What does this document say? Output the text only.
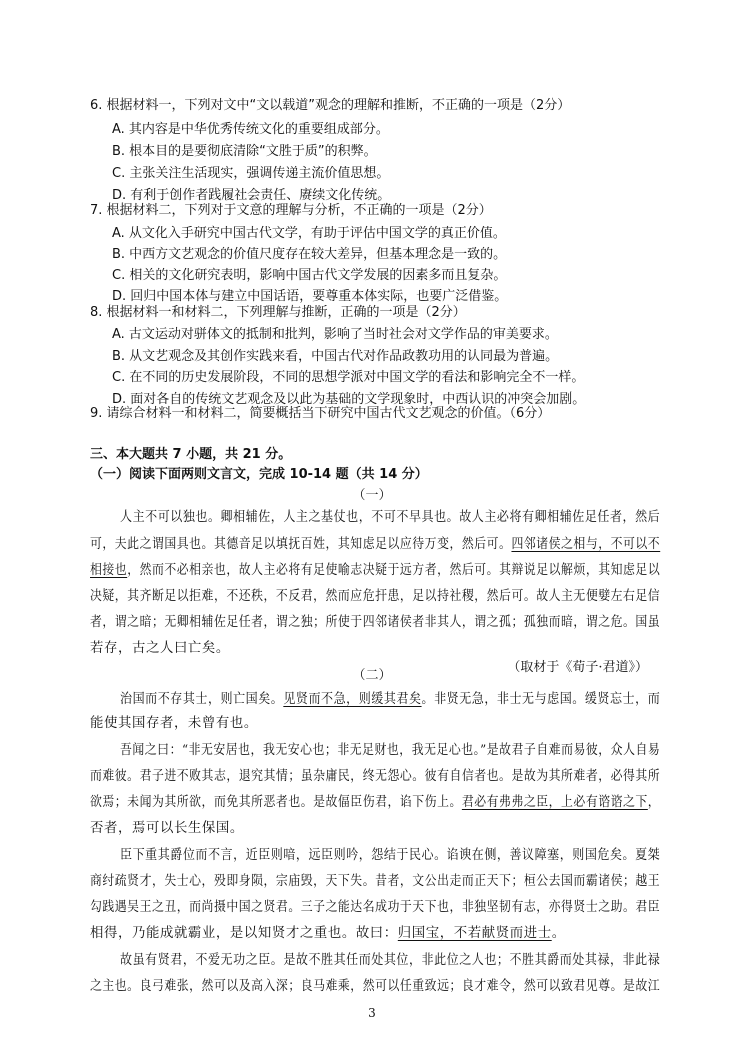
6. 根据材料一，下列对文中“文以载道”观念的理解和推断，不正确的一项是（2分）
A. 其内容是中华优秀传统文化的重要组成部分。
B. 根本目的是要彻底清除“文胜于质”的积弊。
C. 主张关注生活现实，强调传递主流价值思想。
D. 有利于创作者践履社会责任、赓续文化传统。
7. 根据材料二，下列对于文意的理解与分析，不正确的一项是（2分）
A. 从文化入手研究中国古代文学，有助于评估中国文学的真正价值。
B. 中西方文艺观念的价值尺度存在较大差异，但基本理念是一致的。
C. 相关的文化研究表明，影响中国古代文学发展的因素多而且复杂。
D. 回归中国本体与建立中国话语，要尊重本体实际，也要广泛借鉴。
8. 根据材料一和材料二，下列理解与推断，正确的一项是（2分）
A. 古文运动对骈体文的抵制和批判，影响了当时社会对文学作品的审美要求。
B. 从文艺观念及其创作实践来看，中国古代对作品政教功用的认同最为普遍。
C. 在不同的历史发展阶段，不同的思想学派对中国文学的看法和影响完全不一样。
D. 面对各自的传统文艺观念及以此为基础的文学现象时，中西认识的冲突会加剧。
9. 请综合材料一和材料二，简要概括当下研究中国古代文艺观念的价值。（6分）
三、本大题共 7 小题，共 21 分。
（一）阅读下面两则文言文，完成 10-14 题（共 14 分）
（一）
人主不可以独也。卿相辅佐，人主之基仗也，不可不早具也。故人主必将有卿相辅佐足任者，然后
可，夫此之谓国具也。其德音足以填抚百姓，其知虑足以应待万变，然后可。四邻诸侯之相与，不可以不
相接也，然而不必相亲也，故人主必将有足使喻志决疑于远方者，然后可。其辩说足以解烦，其知虑足以
决疑，其齐断足以拒难，不还秩，不反君，然而应危扞患，足以持社稷，然后可。故人主无便嬖左右足信
者，谓之暗；无卿相辅佐足任者，谓之独；所使于四邻诸侯者非其人，谓之孤；孤独而暗，谓之危。国虽
若存，古之人曰亡矣。
（取材于《荀子·君道》）
（二）
治国而不存其士，则亡国矣。见贤而不急，则缓其君矣。非贤无急，非士无与虑国。缓贤忘士，而
能使其国存者，未曾有也。
吾闻之曰：“非无安居也，我无安心也；非无足财也，我无足心也。”是故君子自难而易彼，众人自易
而难彼。君子进不败其志，退究其情；虽杂庸民，终无怨心。彼有自信者也。是故为其所难者，必得其所
欲焉；未闻为其所欲，而免其所恶者也。是故偪臣伤君，谄下伤上。君必有弗弗之臣，上必有谘谘之下，
否者，焉可以长生保国。
臣下重其爵位而不言，近臣则喑，远臣则吟，怨结于民心。谄谀在侧，善议障塞，则国危矣。夏桀
商纣疏贤才，失士心，殁即身陨，宗庙毁，天下失。昔者，文公出走而正天下；桓公去国而霸诸侯；越王
勾践遇吴王之丑，而尚摄中国之贤君。三子之能达名成功于天下也，非独坚韧有志，亦得贤士之助。君臣
相得，乃能成就霸业，是以知贤才之重也。故曰：归国宝，不若献贤而进士。
故虽有贤君，不爱无功之臣。是故不胜其任而处其位，非此位之人也；不胜其爵而处其禄，非此禄
之主也。良弓难张，然可以及高入深；良马难乘，然可以任重致远；良才难令，然可以致君见尊。是故江
3
